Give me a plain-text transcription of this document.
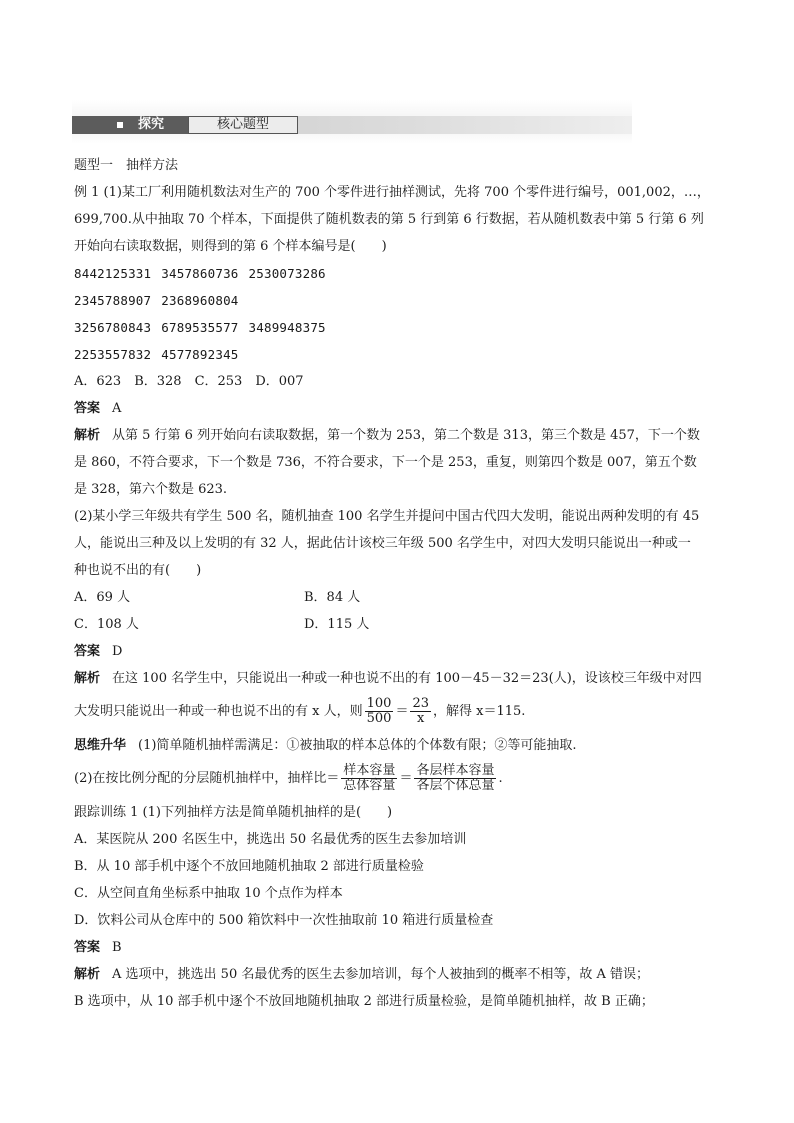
探究	核心题型

题型一　抽样方法

例 1 (1)某工厂利用随机数法对生产的 700 个零件进行抽样测试，先将 700 个零件进行编号，001,002，…，

699,700.从中抽取 70 个样本，下面提供了随机数表的第 5 行到第 6 行数据，若从随机数表中第 5 行第 6 列

开始向右读取数据，则得到的第 6 个样本编号是(　　)

8442125331 3457860736 2530073286

2345788907 2368960804

3256780843 6789535577 3489948375

2253557832 4577892345

A．623　B．328　C．253　D．007

答案 A

解析 从第 5 行第 6 列开始向右读取数据，第一个数为 253，第二个数是 313，第三个数是 457，下一个数

是 860，不符合要求，下一个数是 736，不符合要求，下一个是 253，重复，则第四个数是 007，第五个数

是 328，第六个数是 623.

(2)某小学三年级共有学生 500 名，随机抽查 100 名学生并提问中国古代四大发明，能说出两种发明的有 45

人，能说出三种及以上发明的有 32 人，据此估计该校三年级 500 名学生中，对四大发明只能说出一种或一

种也说不出的有(　　)

A．69 人	B．84 人
C．108 人	D．115 人

答案 D

解析 在这 100 名学生中，只能说出一种或一种也说不出的有 100－45－32＝23(人)，设该校三年级中对四

大发明只能说出一种或一种也说不出的有 x 人，则 $\frac{100}{500} = \frac{23}{x}$ ，解得 x＝115.

思维升华 (1)简单随机抽样需满足：①被抽取的样本总体的个体数有限；②等可能抽取.

(2)在按比例分配的分层随机抽样中，抽样比＝ $\frac{\text{样本容量}}{\text{总体容量}} = \frac{\text{各层样本容量}}{\text{各层个体总量}}$ .

跟踪训练 1 (1)下列抽样方法是简单随机抽样的是(　　)

A．某医院从 200 名医生中，挑选出 50 名最优秀的医生去参加培训

B．从 10 部手机中逐个不放回地随机抽取 2 部进行质量检验

C．从空间直角坐标系中抽取 10 个点作为样本

D．饮料公司从仓库中的 500 箱饮料中一次性抽取前 10 箱进行质量检查

答案 B

解析 A 选项中，挑选出 50 名最优秀的医生去参加培训，每个人被抽到的概率不相等，故 A 错误；

B 选项中，从 10 部手机中逐个不放回地随机抽取 2 部进行质量检验，是简单随机抽样，故 B 正确；
